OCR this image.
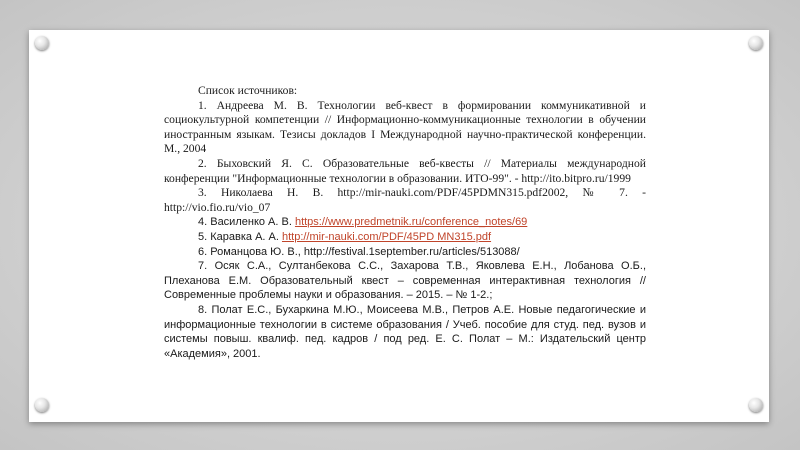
Список источников:

1. Андреева М. В. Технологии веб-квест в формировании коммуникативной и социокультурной компетенции // Информационно-коммуникационные технологии в обучении иностранным языкам. Тезисы докладов I Международной научно-практической конференции. М., 2004

2. Быховский Я. С. Образовательные веб-квесты // Материалы международной конференции "Информационные технологии в образовании. ИТО-99". - http://ito.bitpro.ru/1999

3. Николаева Н. В. http://mir-nauki.com/PDF/45PDMN315.pdf2002, № 7. - http://vio.fio.ru/vio_07

4. Василенко А. В. https://www.predmetnik.ru/conference_notes/69

5. Каравка А. А. http://mir-nauki.com/PDF/45PD MN315.pdf

6. Романцова Ю. В., http://festival.1september.ru/articles/513088/

7. Осяк С.А., Султанбекова С.С., Захарова Т.В., Яковлева Е.Н., Лобанова О.Б., Плеханова Е.М. Образовательный квест – современная интерактивная технология // Современные проблемы науки и образования. – 2015. – № 1-2.;

8. Полат Е.С., Бухаркина М.Ю., Моисеева М.В., Петров А.Е. Новые педагогические и информационные технологии в системе образования / Учеб. пособие для студ. пед. вузов и системы повыш. квалиф. пед. кадров / под ред. Е. С. Полат – М.: Издательский центр «Академия», 2001.
